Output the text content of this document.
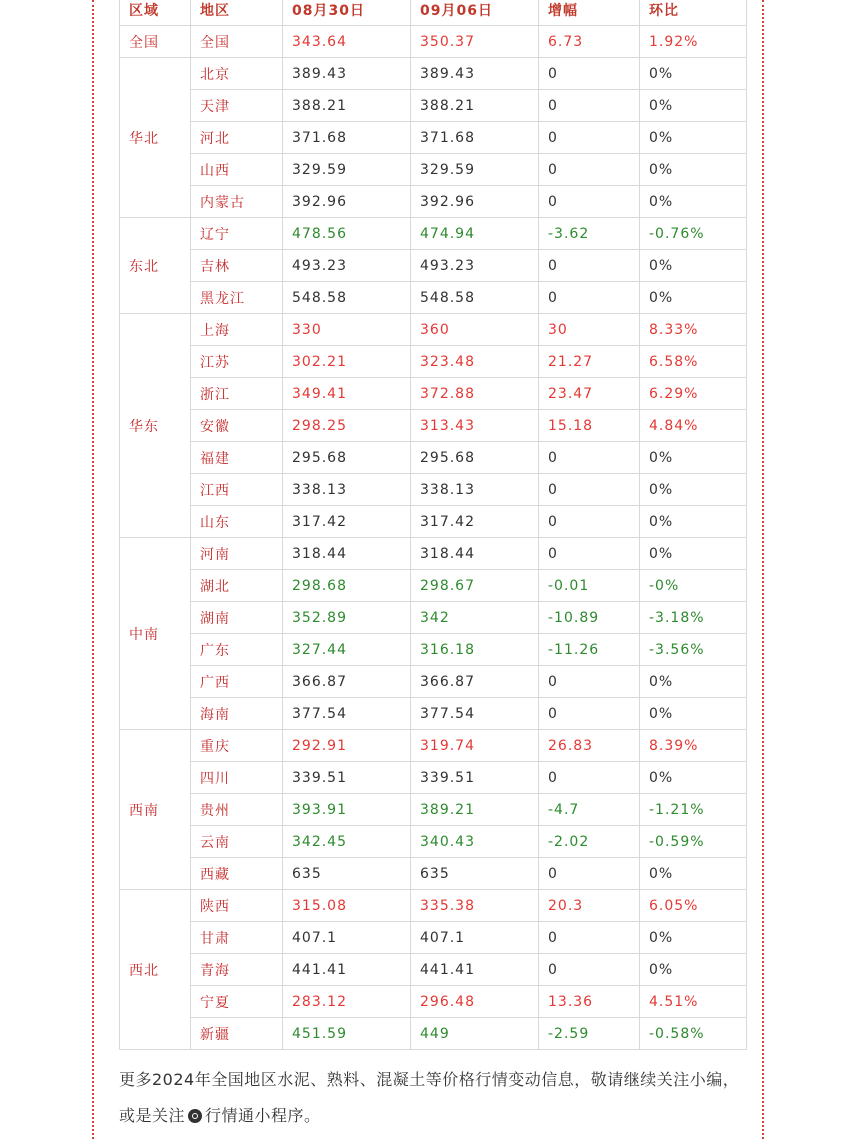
区域	地区	08月30日	09月06日	增幅	环比
全国	全国	343.64	350.37	6.73	1.92%
华北	北京	389.43	389.43	0	0%
	天津	388.21	388.21	0	0%
	河北	371.68	371.68	0	0%
	山西	329.59	329.59	0	0%
	内蒙古	392.96	392.96	0	0%
东北	辽宁	478.56	474.94	-3.62	-0.76%
	吉林	493.23	493.23	0	0%
	黑龙江	548.58	548.58	0	0%
华东	上海	330	360	30	8.33%
	江苏	302.21	323.48	21.27	6.58%
	浙江	349.41	372.88	23.47	6.29%
	安徽	298.25	313.43	15.18	4.84%
	福建	295.68	295.68	0	0%
	江西	338.13	338.13	0	0%
	山东	317.42	317.42	0	0%
中南	河南	318.44	318.44	0	0%
	湖北	298.68	298.67	-0.01	-0%
	湖南	352.89	342	-10.89	-3.18%
	广东	327.44	316.18	-11.26	-3.56%
	广西	366.87	366.87	0	0%
	海南	377.54	377.54	0	0%
西南	重庆	292.91	319.74	26.83	8.39%
	四川	339.51	339.51	0	0%
	贵州	393.91	389.21	-4.7	-1.21%
	云南	342.45	340.43	-2.02	-0.59%
	西藏	635	635	0	0%
西北	陕西	315.08	335.38	20.3	6.05%
	甘肃	407.1	407.1	0	0%
	青海	441.41	441.41	0	0%
	宁夏	283.12	296.48	13.36	4.51%
	新疆	451.59	449	-2.59	-0.58%
更多2024年全国地区水泥、熟料、混凝土等价格行情变动信息，敬请继续关注小编，或是关注 行情通小程序。
